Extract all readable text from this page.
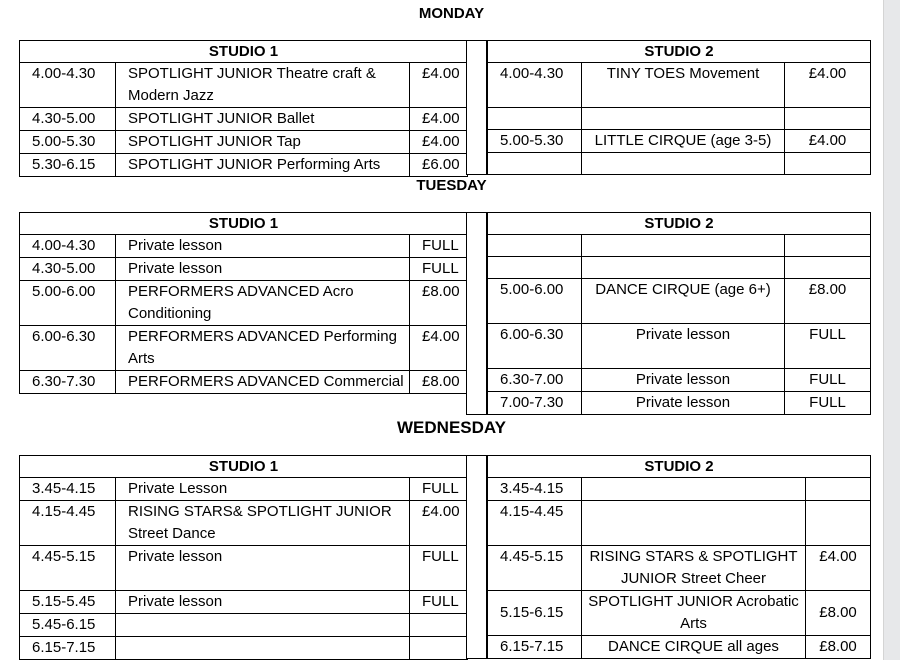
MONDAY
STUDIO 1		
4.00-4.30	SPOTLIGHT JUNIOR Theatre craft & Modern Jazz	£4.00
4.30-5.00	SPOTLIGHT JUNIOR Ballet	£4.00
5.00-5.30	SPOTLIGHT JUNIOR Tap	£4.00
5.30-6.15	SPOTLIGHT JUNIOR Performing Arts	£6.00
STUDIO 2		
4.00-4.30	TINY TOES Movement	£4.00

5.00-5.30	LITTLE CIRQUE (age 3-5)	£4.00

TUESDAY
STUDIO 1		
4.00-4.30	Private lesson	FULL
4.30-5.00	Private lesson	FULL
5.00-6.00	PERFORMERS ADVANCED Acro Conditioning	£8.00
6.00-6.30	PERFORMERS ADVANCED Performing Arts	£4.00
6.30-7.30	PERFORMERS ADVANCED Commercial	£8.00
STUDIO 2		

5.00-6.00	DANCE CIRQUE (age 6+)	£8.00
6.00-6.30	Private lesson	FULL
6.30-7.00	Private lesson	FULL
7.00-7.30	Private lesson	FULL
WEDNESDAY
STUDIO 1		
3.45-4.15	Private Lesson	FULL
4.15-4.45	RISING STARS& SPOTLIGHT JUNIOR Street Dance	£4.00
4.45-5.15	Private lesson	FULL
5.15-5.45	Private lesson	FULL
5.45-6.15		
6.15-7.15		
STUDIO 2		
3.45-4.15		
4.15-4.45		
4.45-5.15	RISING STARS & SPOTLIGHT JUNIOR Street Cheer	£4.00
5.15-6.15	SPOTLIGHT JUNIOR Acrobatic Arts	£8.00
6.15-7.15	DANCE CIRQUE all ages	£8.00
